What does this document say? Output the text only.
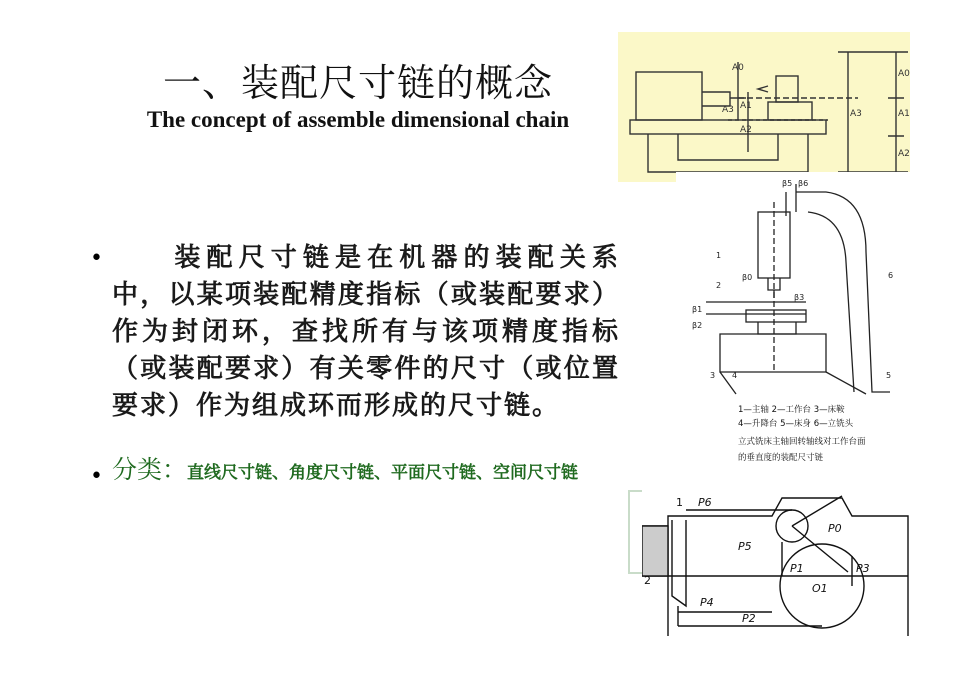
一、装配尺寸链的概念
The concept of assemble dimensional chain
•	装配尺寸链是在机器的装配关系中，以某项装配精度指标（或装配要求）作为封闭环，查找所有与该项精度指标（或装配要求）有关零件的尺寸（或位置要求）作为组成环而形成的尺寸链。
• 分类：直线尺寸链、角度尺寸链、平面尺寸链、空间尺寸链
A0
A0
A1
A2
A3
A3 A1
A2
β5 β6
β0
β3
β1
β2
1
2
3 4	5
6
1—主轴 2—工作台 3—床鞍
4—升降台 5—床身 6—立铣头
立式铣床主轴回转轴线对工作台面
的垂直度的装配尺寸链
P6
P0
P5
P1	P3
O1
P4
P2
1
2
